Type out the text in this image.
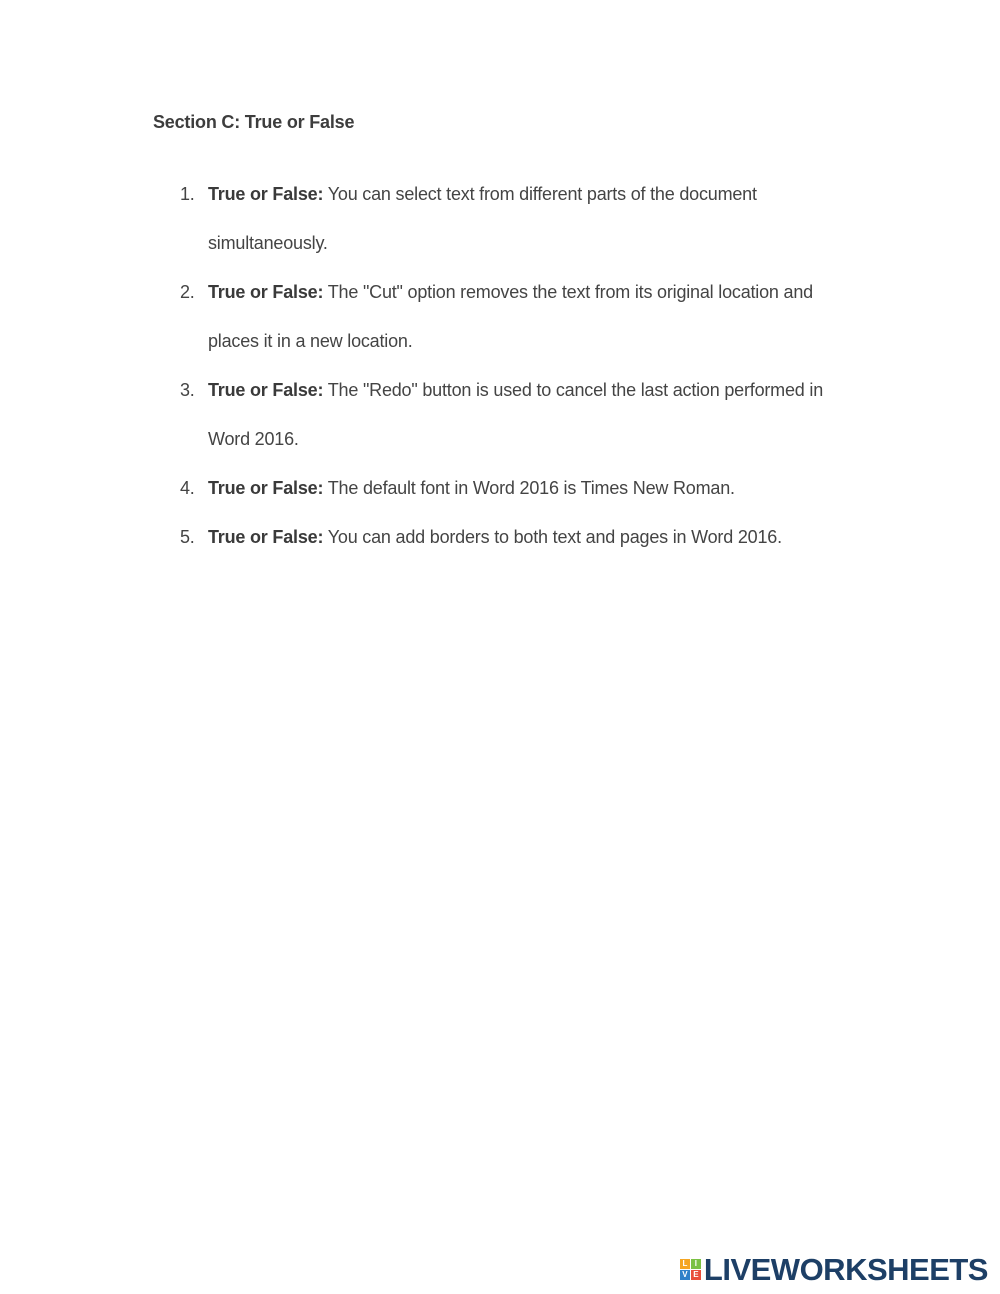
Section C: True or False
1. True or False: You can select text from different parts of the document simultaneously.
2. True or False: The "Cut" option removes the text from its original location and places it in a new location.
3. True or False: The "Redo" button is used to cancel the last action performed in Word 2016.
4. True or False: The default font in Word 2016 is Times New Roman.
5. True or False: You can add borders to both text and pages in Word 2016.
L I
V E LIVEWORKSHEETS
